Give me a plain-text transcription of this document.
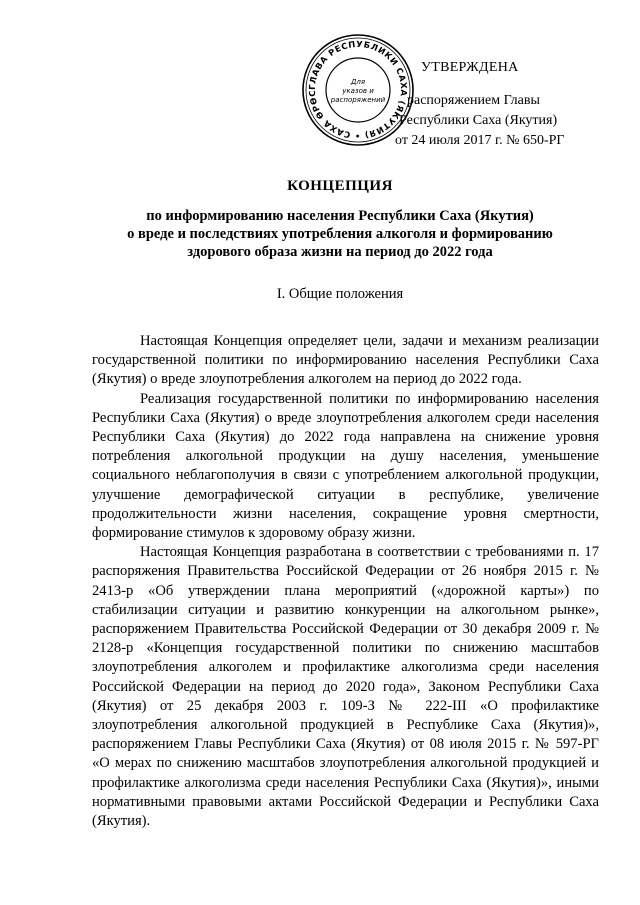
ГЛАВА РЕСПУБЛИКИ САХА (ЯКУТИЯ) • САХА ӨРӨС
Для
указов и
распоряжений
УТВЕРЖДЕНА
распоряжением Главы
Республики Саха (Якутия)
от 24 июля 2017 г. № 650-РГ
КОНЦЕПЦИЯ
по информированию населения Республики Саха (Якутия)
о вреде и последствиях употребления алкоголя и формированию
здорового образа жизни на период до 2022 года
I. Общие положения

Настоящая Концепция определяет цели, задачи и механизм реализации государственной политики по информированию населения Республики Саха (Якутия) о вреде злоупотребления алкоголем на период до 2022 года.

Реализация государственной политики по информированию населения Республики Саха (Якутия) о вреде злоупотребления алкоголем среди населения Республики Саха (Якутия) до 2022 года направлена на снижение уровня потребления алкогольной продукции на душу населения, уменьшение социального неблагополучия в связи с употреблением алкогольной продукции, улучшение демографической ситуации в республике, увеличение продолжительности жизни населения, сокращение уровня смертности, формирование стимулов к здоровому образу жизни.

Настоящая Концепция разработана в соответствии с требованиями п. 17 распоряжения Правительства Российской Федерации от 26 ноября 2015 г. № 2413-р «Об утверждении плана мероприятий («дорожной карты») по стабилизации ситуации и развитию конкуренции на алкогольном рынке», распоряжением Правительства Российской Федерации от 30 декабря 2009 г. № 2128-р «Концепция государственной политики по снижению масштабов злоупотребления алкоголем и профилактике алкоголизма среди населения Российской Федерации на период до 2020 года», Законом Республики Саха (Якутия) от 25 декабря 2003 г. 109-З № 222-III «О профилактике злоупотребления алкогольной продукцией в Республике Саха (Якутия)», распоряжением Главы Республики Саха (Якутия) от 08 июля 2015 г. № 597-РГ «О мерах по снижению масштабов злоупотребления алкогольной продукцией и профилактике алкоголизма среди населения Республики Саха (Якутия)», иными нормативными правовыми актами Российской Федерации и Республики Саха (Якутия).
